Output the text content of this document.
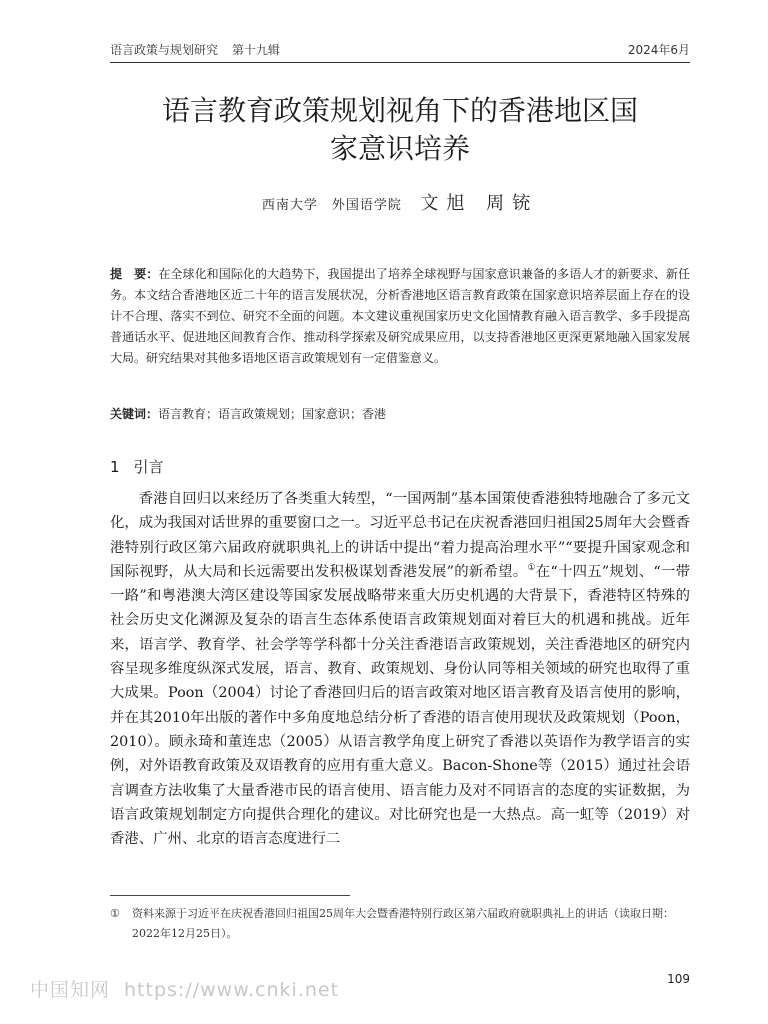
语言政策与规划研究 第十九辑	2024年6月
语言教育政策规划视角下的香港地区国
家意识培养
西南大学　外国语学院 文旭 周铳
提　要：在全球化和国际化的大趋势下，我国提出了培养全球视野与国家意识兼备的多语人才的新要求、新任务。本文结合香港地区近二十年的语言发展状况，分析香港地区语言教育政策在国家意识培养层面上存在的设计不合理、落实不到位、研究不全面的问题。本文建议重视国家历史文化国情教育融入语言教学、多手段提高普通话水平、促进地区间教育合作、推动科学探索及研究成果应用，以支持香港地区更深更紧地融入国家发展大局。研究结果对其他多语地区语言政策规划有一定借鉴意义。
关键词：语言教育；语言政策规划；国家意识；香港
1 引言

香港自回归以来经历了各类重大转型，“一国两制”基本国策使香港独特地融合了多元文化，成为我国对话世界的重要窗口之一。习近平总书记在庆祝香港回归祖国25周年大会暨香港特别行政区第六届政府就职典礼上的讲话中提出“着力提高治理水平”“要提升国家观念和国际视野，从大局和长远需要出发积极谋划香港发展”的新希望。①在“十四五”规划、“一带一路”和粤港澳大湾区建设等国家发展战略带来重大历史机遇的大背景下，香港特区特殊的社会历史文化渊源及复杂的语言生态体系使语言政策规划面对着巨大的机遇和挑战。近年来，语言学、教育学、社会学等学科都十分关注香港语言政策规划，关注香港地区的研究内容呈现多维度纵深式发展，语言、教育、政策规划、身份认同等相关领域的研究也取得了重大成果。Poon（2004）讨论了香港回归后的语言政策对地区语言教育及语言使用的影响，并在其2010年出版的著作中多角度地总结分析了香港的语言使用现状及政策规划（Poon，2010）。顾永琦和董连忠（2005）从语言教学角度上研究了香港以英语作为教学语言的实例，对外语教育政策及双语教育的应用有重大意义。Bacon-Shone等（2015）通过社会语言调查方法收集了大量香港市民的语言使用、语言能力及对不同语言的态度的实证数据，为语言政策规划制定方向提供合理化的建议。对比研究也是一大热点。高一虹等（2019）对香港、广州、北京的语言态度进行二

① 资料来源于习近平在庆祝香港回归祖国25周年大会暨香港特别行政区第六届政府就职典礼上的讲话（读取日期：2022年12月25日）。
109
中国知网 https://www.cnki.net
